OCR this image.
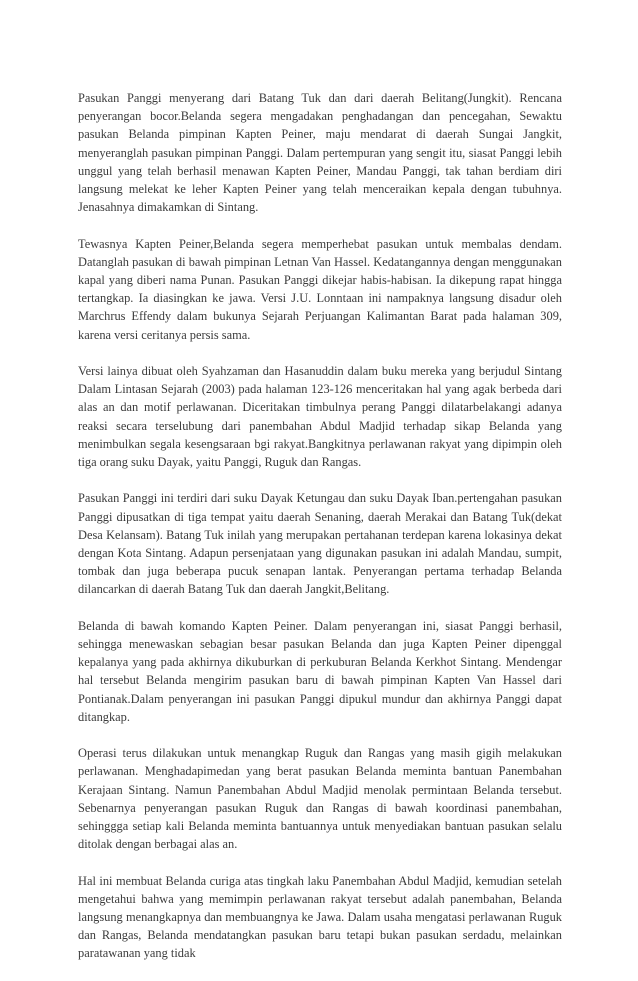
Pasukan Panggi menyerang dari Batang Tuk dan dari daerah Belitang(Jungkit). Rencana penyerangan bocor.Belanda segera mengadakan penghadangan dan pencegahan, Sewaktu pasukan Belanda pimpinan Kapten Peiner, maju mendarat di daerah Sungai Jangkit, menyeranglah pasukan pimpinan Panggi. Dalam pertempuran yang sengit itu, siasat Panggi lebih unggul yang telah berhasil menawan Kapten Peiner, Mandau Panggi, tak tahan berdiam diri langsung melekat ke leher Kapten Peiner yang telah menceraikan kepala dengan tubuhnya. Jenasahnya dimakamkan di Sintang.

Tewasnya Kapten Peiner,Belanda segera memperhebat pasukan untuk membalas dendam. Datanglah pasukan di bawah pimpinan Letnan Van Hassel. Kedatangannya dengan menggunakan kapal yang diberi nama Punan. Pasukan Panggi dikejar habis-habisan. Ia dikepung rapat hingga tertangkap. Ia diasingkan ke jawa. Versi J.U. Lonntaan ini nampaknya langsung disadur oleh Marchrus Effendy dalam bukunya Sejarah Perjuangan Kalimantan Barat pada halaman 309, karena versi ceritanya persis sama.

Versi lainya dibuat oleh Syahzaman dan Hasanuddin dalam buku mereka yang berjudul Sintang Dalam Lintasan Sejarah (2003) pada halaman 123-126 menceritakan hal yang agak berbeda dari alas an dan motif perlawanan. Diceritakan timbulnya perang Panggi dilatarbelakangi adanya reaksi secara terselubung dari panembahan Abdul Madjid terhadap sikap Belanda yang menimbulkan segala kesengsaraan bgi rakyat.Bangkitnya perlawanan rakyat yang dipimpin oleh tiga orang suku Dayak, yaitu Panggi, Ruguk dan Rangas.

Pasukan Panggi ini terdiri dari suku Dayak Ketungau dan suku Dayak Iban.pertengahan pasukan Panggi dipusatkan di tiga tempat yaitu daerah Senaning, daerah Merakai dan Batang Tuk(dekat Desa Kelansam). Batang Tuk inilah yang merupakan pertahanan terdepan karena lokasinya dekat dengan Kota Sintang. Adapun persenjataan yang digunakan pasukan ini adalah Mandau, sumpit, tombak dan juga beberapa pucuk senapan lantak. Penyerangan pertama terhadap Belanda dilancarkan di daerah Batang Tuk dan daerah Jangkit,Belitang.

Belanda di bawah komando Kapten Peiner. Dalam penyerangan ini, siasat Panggi berhasil, sehingga menewaskan sebagian besar pasukan Belanda dan juga Kapten Peiner dipenggal kepalanya yang pada akhirnya dikuburkan di perkuburan Belanda Kerkhot Sintang. Mendengar hal tersebut Belanda mengirim pasukan baru di bawah pimpinan Kapten Van Hassel dari Pontianak.Dalam penyerangan ini pasukan Panggi dipukul mundur dan akhirnya Panggi dapat ditangkap.

Operasi terus dilakukan untuk menangkap Ruguk dan Rangas yang masih gigih melakukan perlawanan. Menghadapimedan yang berat pasukan Belanda meminta bantuan Panembahan Kerajaan Sintang. Namun Panembahan Abdul Madjid menolak permintaan Belanda tersebut. Sebenarnya penyerangan pasukan Ruguk dan Rangas di bawah koordinasi panembahan, sehinggga setiap kali Belanda meminta bantuannya untuk menyediakan bantuan pasukan selalu ditolak dengan berbagai alas an.

Hal ini membuat Belanda curiga atas tingkah laku Panembahan Abdul Madjid, kemudian setelah mengetahui bahwa yang memimpin perlawanan rakyat tersebut adalah panembahan, Belanda langsung menangkapnya dan membuangnya ke Jawa. Dalam usaha mengatasi perlawanan Ruguk dan Rangas, Belanda mendatangkan pasukan baru tetapi bukan pasukan serdadu, melainkan paratawanan yang tidak
